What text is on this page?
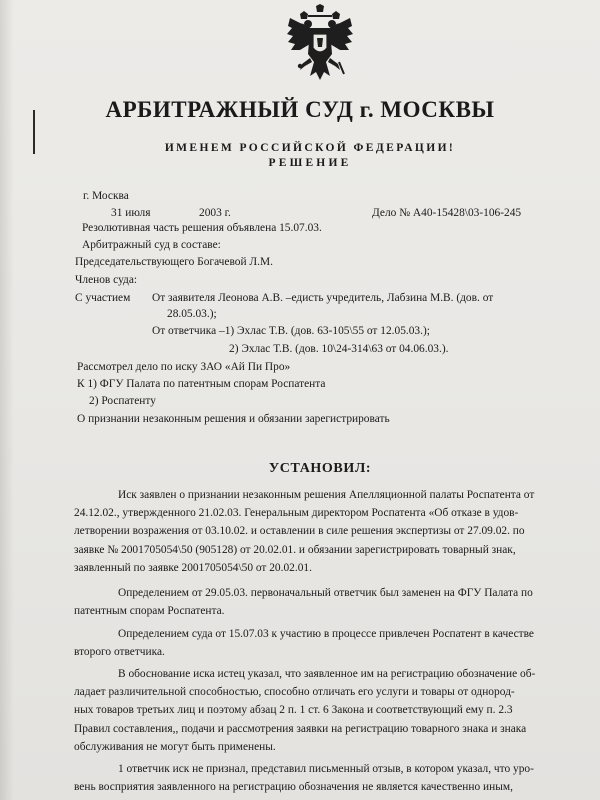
АРБИТРАЖНЫЙ СУД г. МОСКВЫ
ИМЕНЕМ РОССИЙСКОЙ ФЕДЕРАЦИИ!
РЕШЕНИЕ
г. Москва
31 июля	2003 г.	Дело № А40-15428\03-106-245
Резолютивная часть решения объявлена 15.07.03.
Арбитражный суд в составе:
Председательствующего Богачевой Л.М.
Членов суда:
С участием От заявителя Леонова А.В. –едисть учредитель, Лабзина М.В. (дов. от
28.05.03.);
От ответчика –1) Эхлас Т.В. (дов. 63-105\55 от 12.05.03.);
2) Эхлас Т.В. (дов. 10\24-314\63 от 04.06.03.).
Рассмотрел дело по иску ЗАО «Ай Пи Про»
К 1) ФГУ Палата по патентным спорам Роспатента
2) Роспатенту
О признании незаконным решения и обязании зарегистрировать
УСТАНОВИЛ:
Иск заявлен о признании незаконным решения Апелляционной палаты Роспатента от
24.12.02., утвержденного 21.02.03. Генеральным директором Роспатента «Об отказе в удов-
летворении возражения от 03.10.02. и оставлении в силе решения экспертизы от 27.09.02. по
заявке № 2001705054\50 (905128) от 20.02.01. и обязании зарегистрировать товарный знак,
заявленный по заявке 2001705054\50 от 20.02.01.
Определением от 29.05.03. первоначальный ответчик был заменен на ФГУ Палата по
патентным спорам Роспатента.
Определением суда от 15.07.03 к участию в процессе привлечен Роспатент в качестве
второго ответчика.
В обоснование иска истец указал, что заявленное им на регистрацию обозначение об-
ладает различительной способностью, способно отличать его услуги и товары от однород-
ных товаров третьих лиц и поэтому абзац 2 п. 1 ст. 6 Закона и соответствующий ему п. 2.3
Правил составления,, подачи и рассмотрения заявки на регистрацию товарного знака и знака
обслуживания не могут быть применены.
1 ответчик иск не признал, представил письменный отзыв, в котором указал, что уро-
вень восприятия заявленного на регистрацию обозначения не является качественно иным,
